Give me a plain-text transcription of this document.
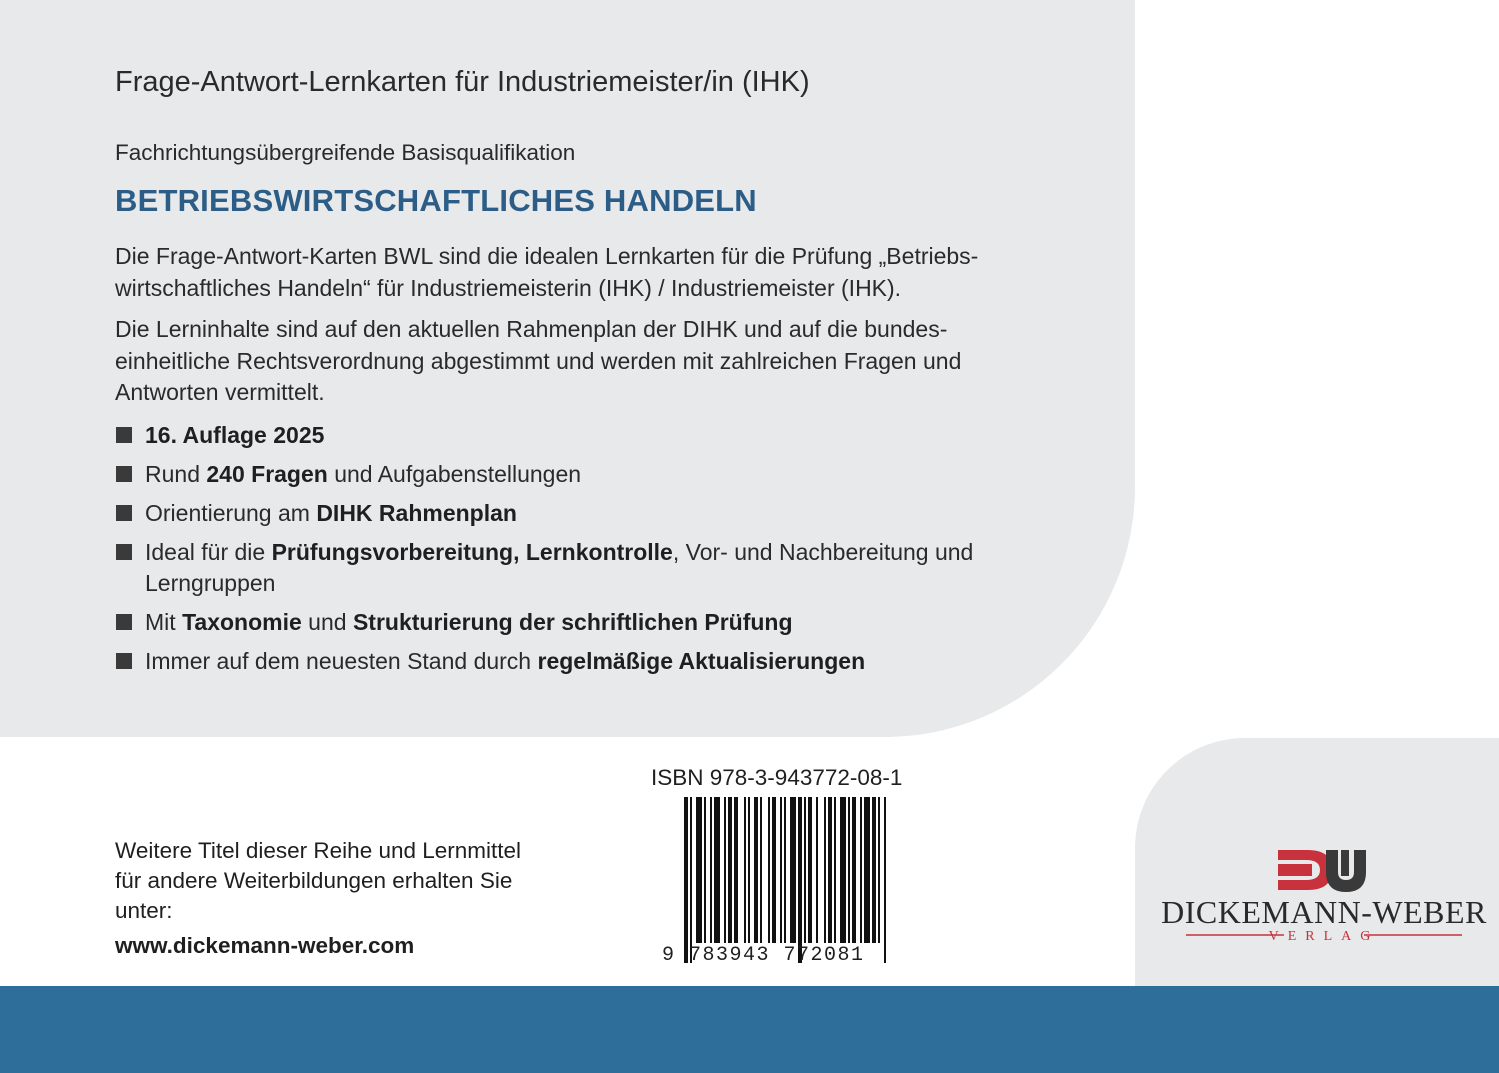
Frage-Antwort-Lernkarten für Industriemeister/in (IHK)
Fachrichtungsübergreifende Basisqualifikation
BETRIEBSWIRTSCHAFTLICHES HANDELN
Die Frage-Antwort-Karten BWL sind die idealen Lernkarten für die Prüfung „Betriebs-
wirtschaftliches Handeln“ für Industriemeisterin (IHK) / Industriemeister (IHK).
Die Lerninhalte sind auf den aktuellen Rahmenplan der DIHK und auf die bundes-
einheitliche Rechtsverordnung abgestimmt und werden mit zahlreichen Fragen und
Antworten vermittelt.
16. Auflage 2025
Rund 240 Fragen und Aufgabenstellungen
Orientierung am DIHK Rahmenplan
Ideal für die Prüfungsvorbereitung, Lernkontrolle, Vor- und Nachbereitung und
Lerngruppen
Mit Taxonomie und Strukturierung der schriftlichen Prüfung
Immer auf dem neuesten Stand durch regelmäßige Aktualisierungen
Weitere Titel dieser Reihe und Lernmittel
für andere Weiterbildungen erhalten Sie
unter:
www.dickemann-weber.com
ISBN 978-3-943772-08-1
9 783943 772081
DICKEMANN-WEBER
VERLAG
